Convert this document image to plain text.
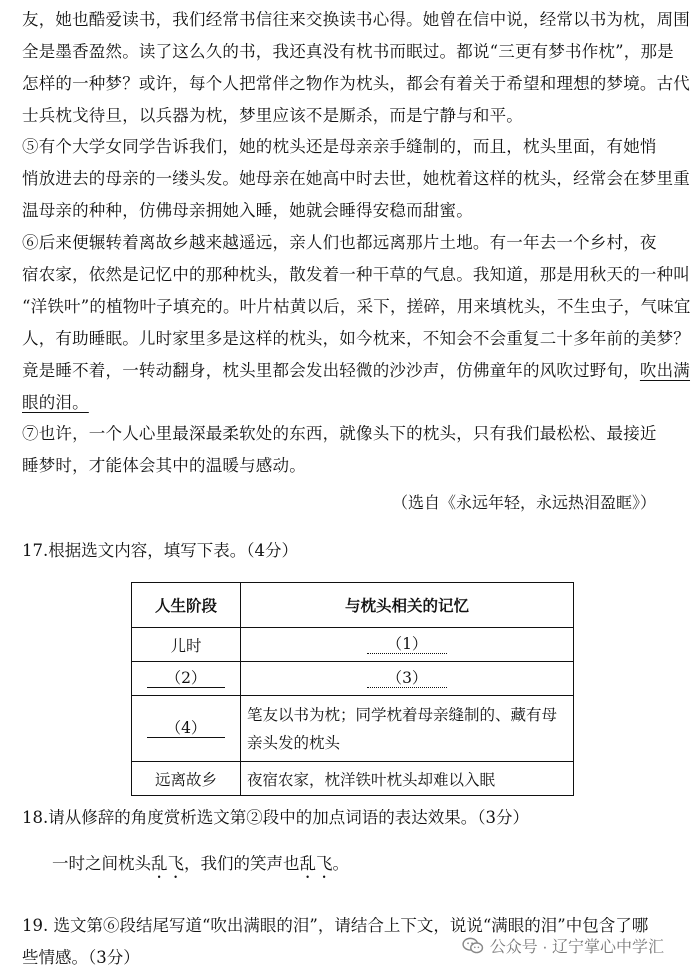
友，她也酷爱读书，我们经常书信往来交换读书心得。她曾在信中说，经常以书为枕，周围
全是墨香盈然。读了这么久的书，我还真没有枕书而眠过。都说“三更有梦书作枕”，那是
怎样的一种梦？或许，每个人把常伴之物作为枕头，都会有着关于希望和理想的梦境。古代
士兵枕戈待旦，以兵器为枕，梦里应该不是厮杀，而是宁静与和平。
⑤有个大学女同学告诉我们，她的枕头还是母亲亲手缝制的，而且，枕头里面，有她悄
悄放进去的母亲的一缕头发。她母亲在她高中时去世，她枕着这样的枕头，经常会在梦里重
温母亲的种种，仿佛母亲拥她入睡，她就会睡得安稳而甜蜜。
⑥后来便辗转着离故乡越来越遥远，亲人们也都远离那片土地。有一年去一个乡村，夜
宿农家，依然是记忆中的那种枕头，散发着一种干草的气息。我知道，那是用秋天的一种叫
“洋铁叶”的植物叶子填充的。叶片枯黄以后，采下，搓碎，用来填枕头，不生虫子，气味宜
人，有助睡眠。儿时家里多是这样的枕头，如今枕来，不知会不会重复二十多年前的美梦？
竟是睡不着，一转动翻身，枕头里都会发出轻微的沙沙声，仿佛童年的风吹过野旬，吹出满
眼的泪。
⑦也许，一个人心里最深最柔软处的东西，就像头下的枕头，只有我们最松松、最接近
睡梦时，才能体会其中的温暖与感动。
（选自《永远年轻，永远热泪盈眶》）
17.根据选文内容，填写下表。（4分）
人生阶段	与枕头相关的记忆
儿时	（1）
（2）	（3）
（4）	笔友以书为枕；同学枕着母亲缝制的、藏有母亲头发的枕头
远离故乡	夜宿农家，枕洋铁叶枕头却难以入眠
18.请从修辞的角度赏析选文第②段中的加点词语的表达效果。（3分）
一时之间枕头乱飞，我们的笑声也乱飞。
19. 选文第⑥段结尾写道“吹出满眼的泪”，请结合上下文，说说“满眼的泪”中包含了哪
些情感。（3分）
公众号 · 辽宁掌心中学汇
